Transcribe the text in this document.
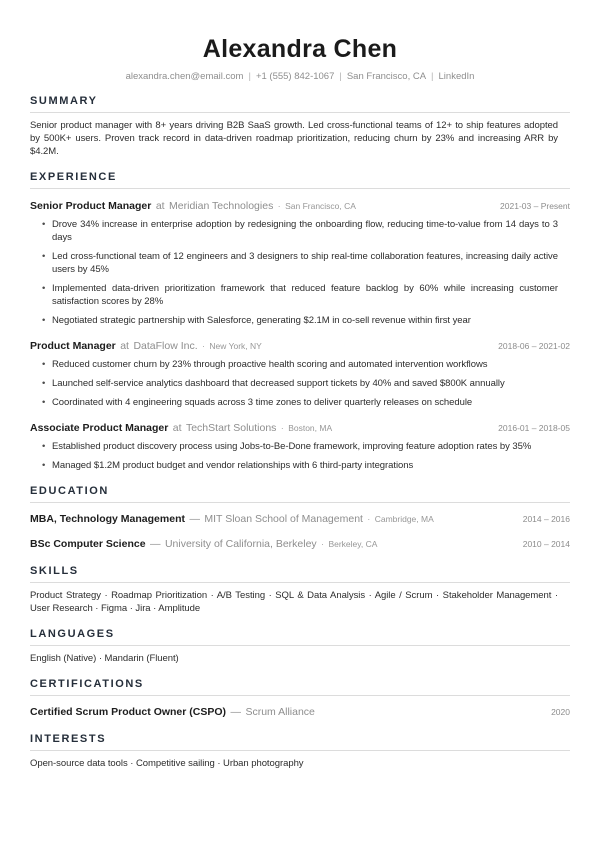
Alexandra Chen
alexandra.chen@email.com | +1 (555) 842-1067 | San Francisco, CA | LinkedIn
SUMMARY

Senior product manager with 8+ years driving B2B SaaS growth. Led cross-functional teams of 12+ to ship features adopted by 500K+ users. Proven track record in data-driven roadmap prioritization, reducing churn by 23% and increasing ARR by $4.2M.

EXPERIENCE
Senior Product Manager at Meridian Technologies · San Francisco, CA	2021-03 – Present
• Drove 34% increase in enterprise adoption by redesigning the onboarding flow, reducing time-to-value from 14 days to 3 days
• Led cross-functional team of 12 engineers and 3 designers to ship real-time collaboration features, increasing daily active users by 45%
• Implemented data-driven prioritization framework that reduced feature backlog by 60% while increasing customer satisfaction scores by 28%
• Negotiated strategic partnership with Salesforce, generating $2.1M in co-sell revenue within first year
Product Manager at DataFlow Inc. · New York, NY	2018-06 – 2021-02
• Reduced customer churn by 23% through proactive health scoring and automated intervention workflows
• Launched self-service analytics dashboard that decreased support tickets by 40% and saved $800K annually
• Coordinated with 4 engineering squads across 3 time zones to deliver quarterly releases on schedule
Associate Product Manager at TechStart Solutions · Boston, MA	2016-01 – 2018-05
• Established product discovery process using Jobs-to-Be-Done framework, improving feature adoption rates by 35%
• Managed $1.2M product budget and vendor relationships with 6 third-party integrations
EDUCATION
MBA, Technology Management — MIT Sloan School of Management · Cambridge, MA	2014 – 2016
BSc Computer Science — University of California, Berkeley · Berkeley, CA	2010 – 2014
SKILLS

Product Strategy · Roadmap Prioritization · A/B Testing · SQL & Data Analysis · Agile / Scrum · Stakeholder Management · User Research · Figma · Jira · Amplitude

LANGUAGES

English (Native) · Mandarin (Fluent)

CERTIFICATIONS
Certified Scrum Product Owner (CSPO) — Scrum Alliance	2020
INTERESTS

Open-source data tools · Competitive sailing · Urban photography
